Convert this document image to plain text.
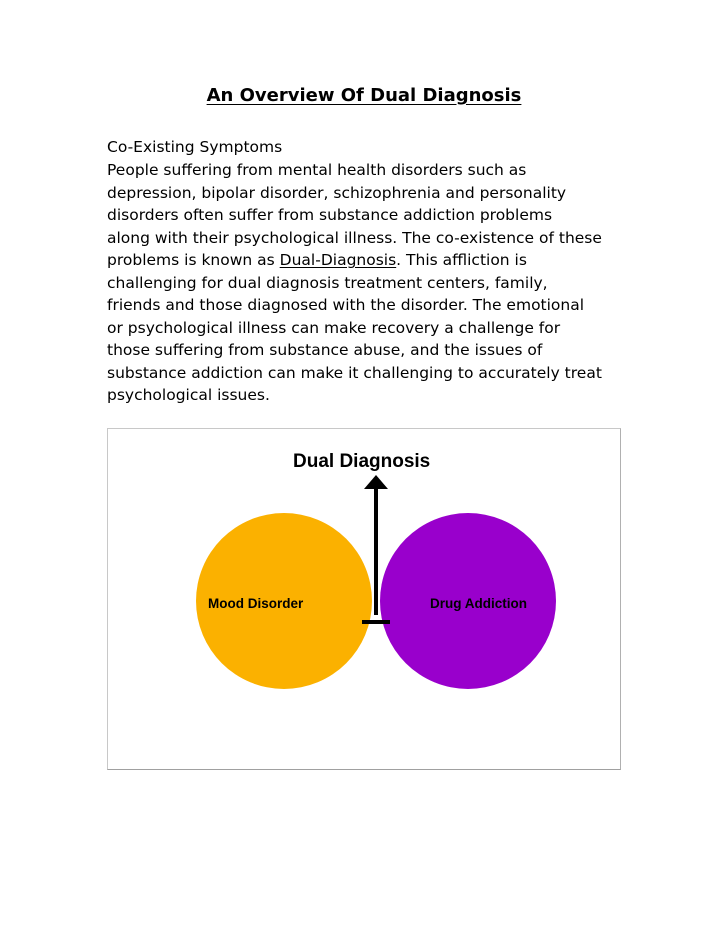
An Overview Of Dual Diagnosis
Co-Existing Symptoms
People suffering from mental health disorders such as
depression, bipolar disorder, schizophrenia and personality
disorders often suffer from substance addiction problems
along with their psychological illness. The co-existence of these
problems is known as Dual-Diagnosis. This affliction is
challenging for dual diagnosis treatment centers, family,
friends and those diagnosed with the disorder. The emotional
or psychological illness can make recovery a challenge for
those suffering from substance abuse, and the issues of
substance addiction can make it challenging to accurately treat
psychological issues.
Dual Diagnosis
Mood Disorder	Drug Addiction
